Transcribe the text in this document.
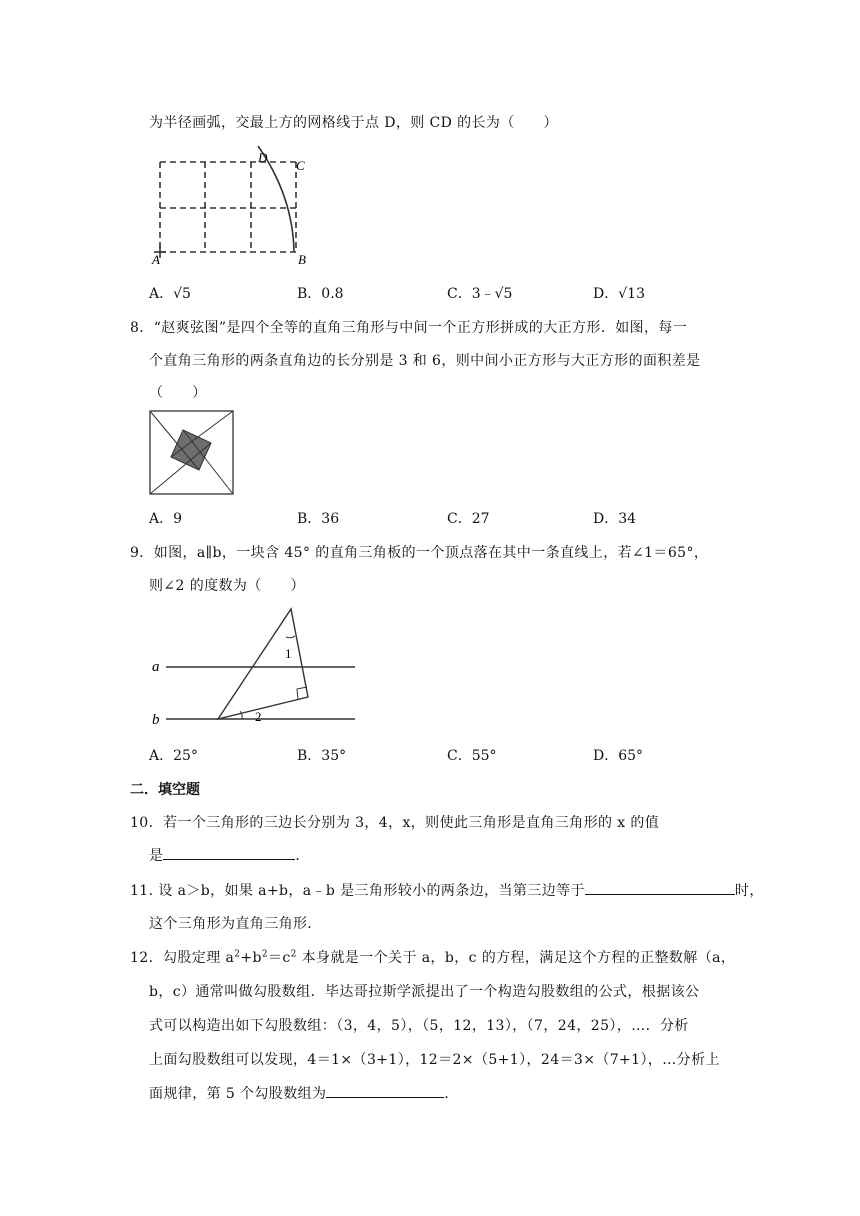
为半径画弧，交最上方的网格线于点 D，则 CD 的长为（　　）
D
C
A	B
A．√5	B．0.8	C．3﹣√5	D．√13
8．“赵爽弦图”是四个全等的直角三角形与中间一个正方形拼成的大正方形．如图，每一
个直角三角形的两条直角边的长分别是 3 和 6，则中间小正方形与大正方形的面积差是
（　　）
A．9	B．36	C．27	D．34
9．如图，a∥b，一块含 45° 的直角三角板的一个顶点落在其中一条直线上，若∠1＝65°，
则∠2 的度数为（　　）
a
b
1
2
A．25°	B．35°	C．55°	D．65°
二．填空题
10．若一个三角形的三边长分别为 3，4，x，则使此三角形是直角三角形的 x 的值
是	．
11. 设 a＞b，如果 a+b，a﹣b 是三角形较小的两条边，当第三边等于	时，
这个三角形为直角三角形．
12．勾股定理 $a^2+b^2=c^2$ 本身就是一个关于 a，b，c 的方程，满足这个方程的正整数解（a，
b，c）通常叫做勾股数组．毕达哥拉斯学派提出了一个构造勾股数组的公式，根据该公
式可以构造出如下勾股数组：（3，4，5），（5，12，13），（7，24，25），…．分析
上面勾股数组可以发现，4＝1×（3+1），12＝2×（5+1），24＝3×（7+1），…分析上
面规律，第 5 个勾股数组为	．
